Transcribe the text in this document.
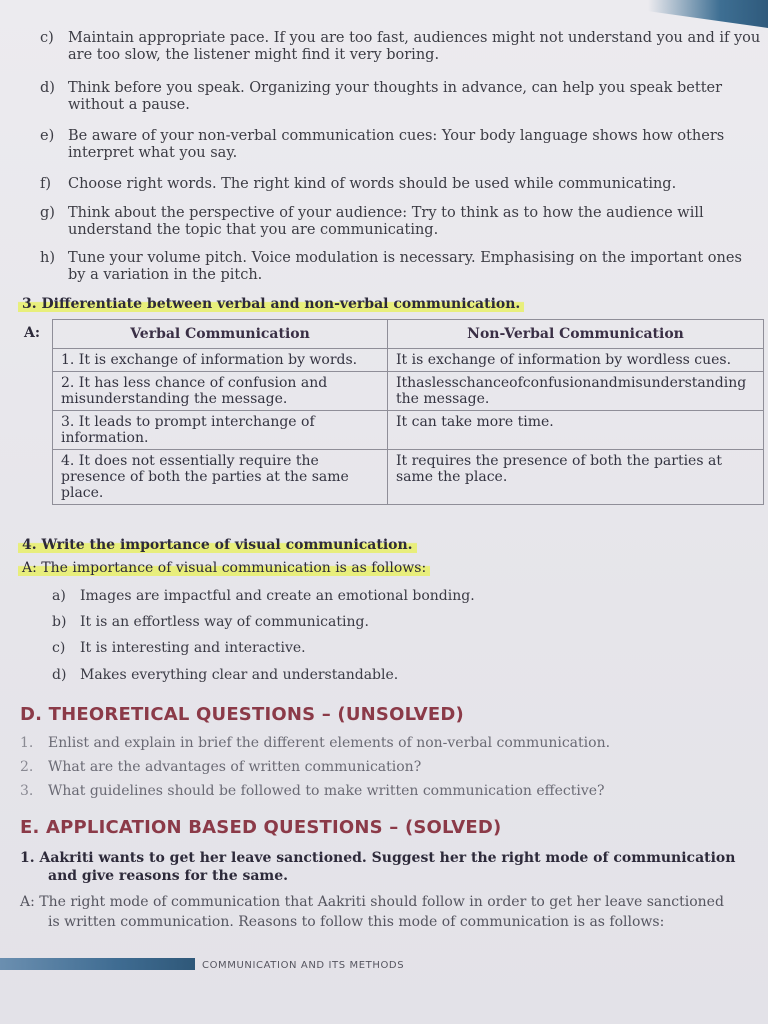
c) Maintain appropriate pace. If you are too fast, audiences might not understand you and if you
are too slow, the listener might find it very boring.
d) Think before you speak. Organizing your thoughts in advance, can help you speak better
without a pause.
e) Be aware of your non-verbal communication cues: Your body language shows how others
interpret what you say.
f) Choose right words. The right kind of words should be used while communicating.
g) Think about the perspective of your audience: Try to think as to how the audience will
understand the topic that you are communicating.
h) Tune your volume pitch. Voice modulation is necessary. Emphasising on the important ones
by a variation in the pitch.
3. Differentiate between verbal and non-verbal communication.
A:	Verbal Communication	Non-Verbal Communication
1. It is exchange of information by words.	It is exchange of information by wordless cues.
2. It has less chance of confusion and misunderstanding the message.	Ithaslesschanceofconfusionandmisunderstanding the message.
3. It leads to prompt interchange of information.	It can take more time.
4. It does not essentially require the presence of both the parties at the same place.	It requires the presence of both the parties at same the place.
4. Write the importance of visual communication.
A: The importance of visual communication is as follows:
a) Images are impactful and create an emotional bonding.
b) It is an effortless way of communicating.
c) It is interesting and interactive.
d) Makes everything clear and understandable.
D. THEORETICAL QUESTIONS – (UNSOLVED)
1. Enlist and explain in brief the different elements of non-verbal communication.
2. What are the advantages of written communication?
3. What guidelines should be followed to make written communication effective?
E. APPLICATION BASED QUESTIONS – (SOLVED)
1. Aakriti wants to get her leave sanctioned. Suggest her the right mode of communication
and give reasons for the same.
A: The right mode of communication that Aakriti should follow in order to get her leave sanctioned
is written communication. Reasons to follow this mode of communication is as follows:
COMMUNICATION AND ITS METHODS
